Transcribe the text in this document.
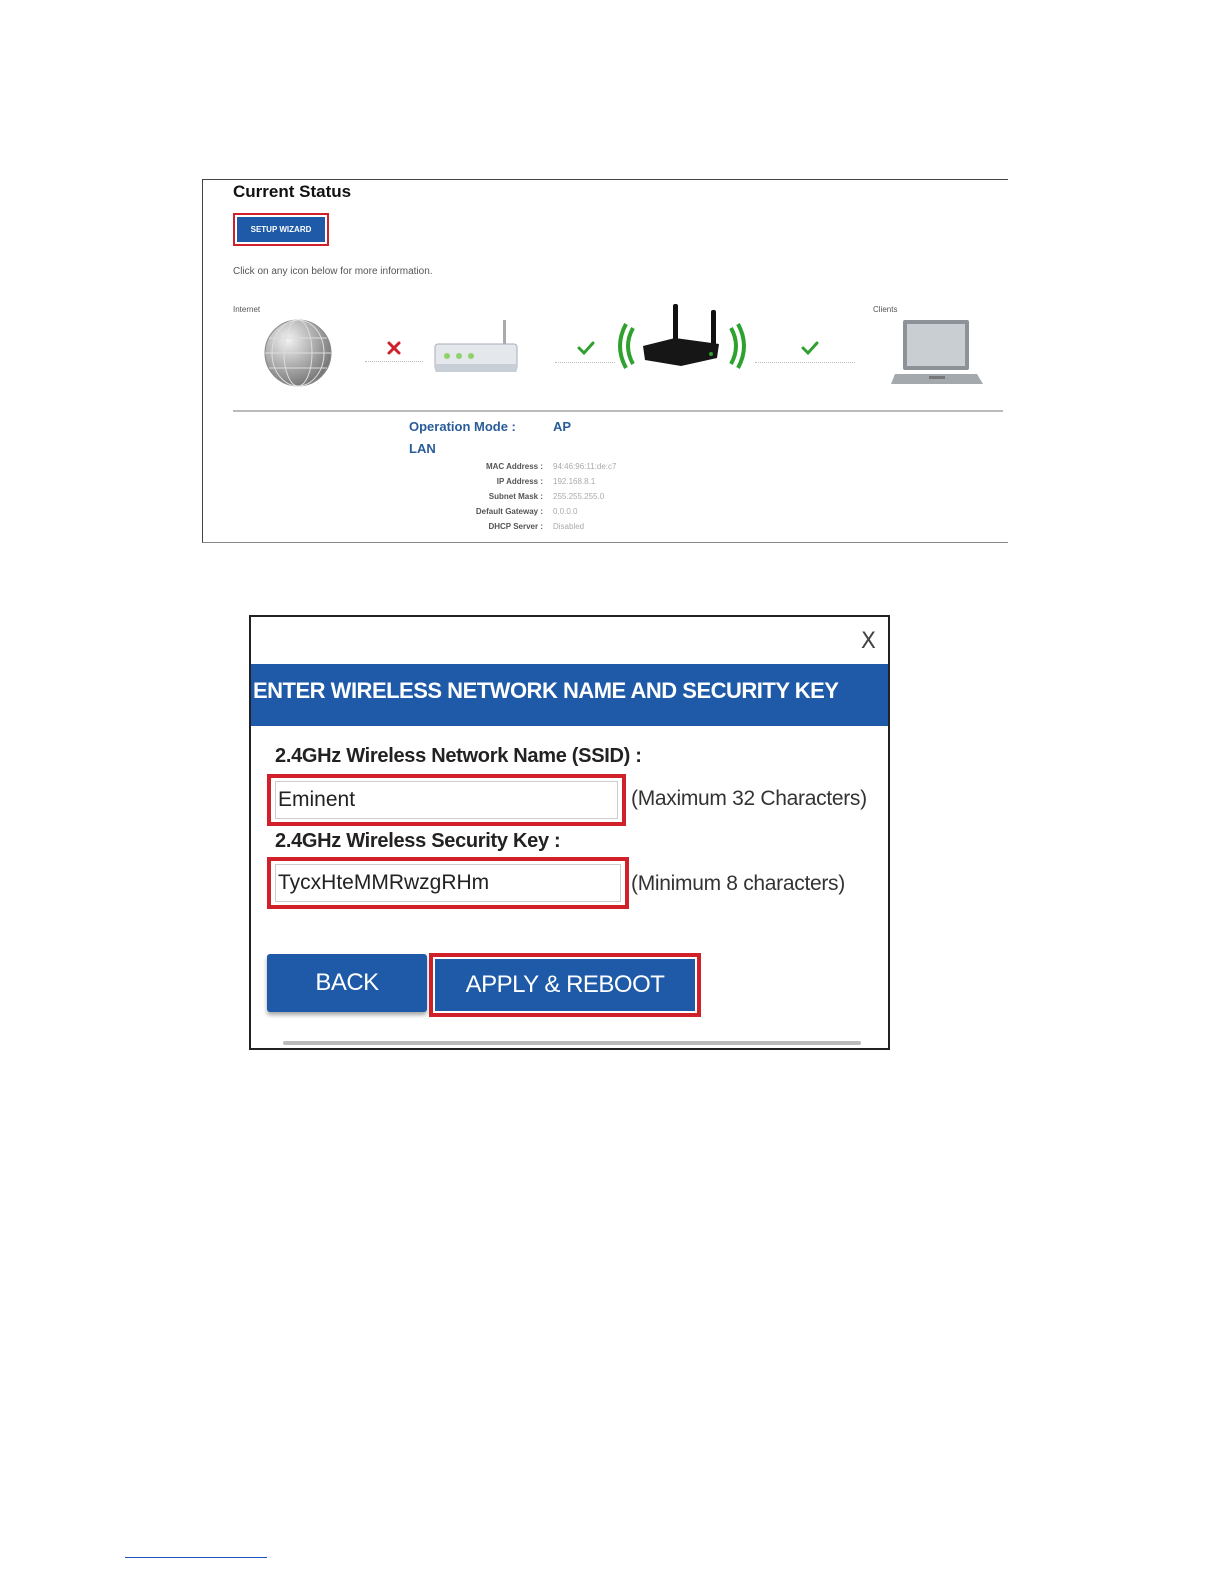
Current Status
SETUP WIZARD
Click on any icon below for more information.
Internet	Clients
Operation Mode :	AP
LAN
MAC Address : 94:46:96:11:de:c7
IP Address : 192.168.8.1
Subnet Mask : 255.255.255.0
Default Gateway : 0.0.0.0
DHCP Server : Disabled
X
ENTER WIRELESS NETWORK NAME AND SECURITY KEY
2.4GHz Wireless Network Name (SSID) :
Eminent
(Maximum 32 Characters)
2.4GHz Wireless Security Key :
TycxHteMMRwzgRHm
(Minimum 8 characters)
BACK	APPLY & REBOOT
